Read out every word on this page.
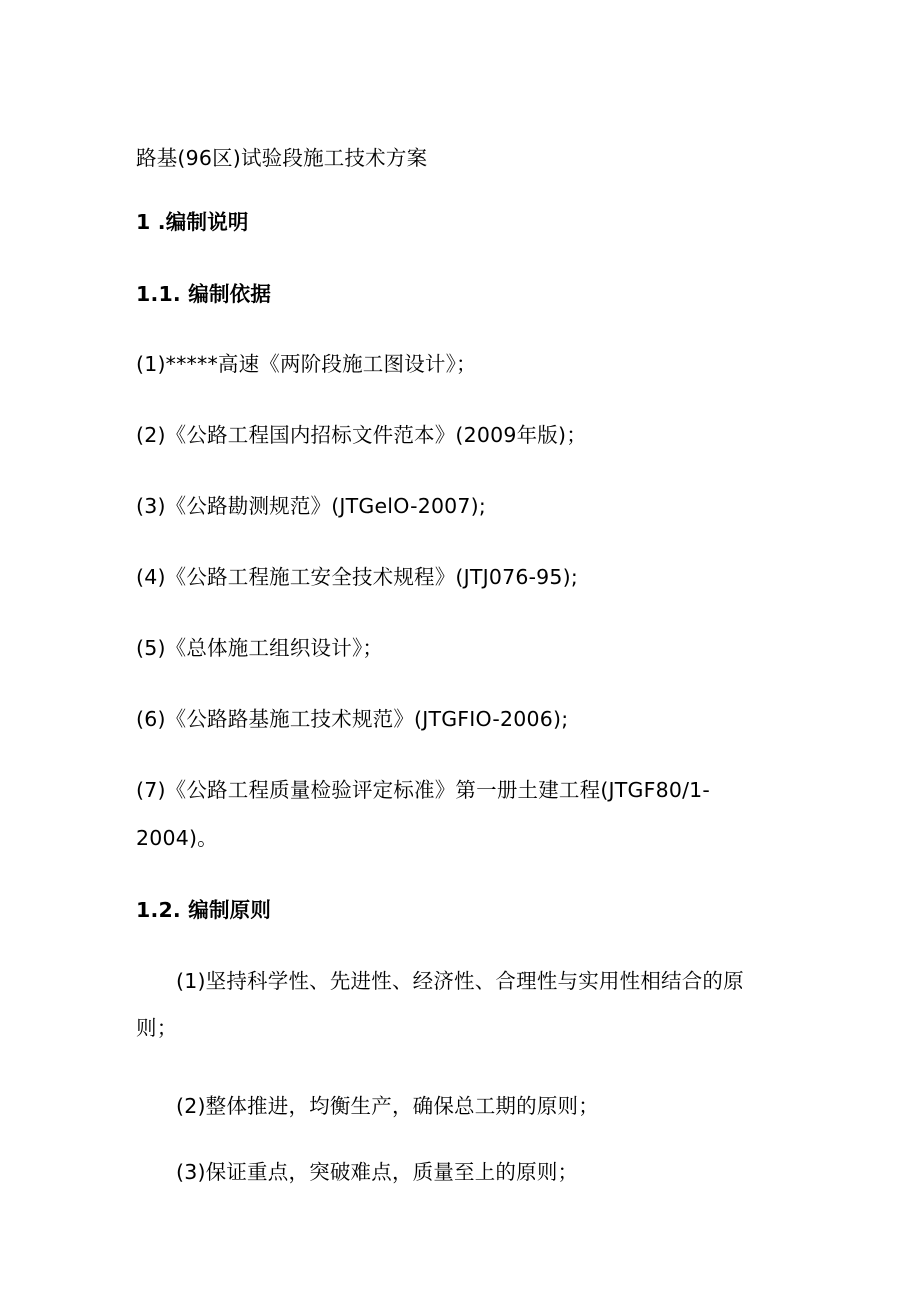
路基(96区)试验段施工技术方案
1 .编制说明
1.1. 编制依据
(1)*****高速《两阶段施工图设计》；
(2)《公路工程国内招标文件范本》(2009年版)；
(3)《公路勘测规范》(JTGelO-2007);
(4)《公路工程施工安全技术规程》(JTJ076-95);
(5)《总体施工组织设计》；
(6)《公路路基施工技术规范》(JTGFIO-2006);
(7)《公路工程质量检验评定标准》第一册土建工程(JTGF80/1-
2004)。
1.2. 编制原则
(1)坚持科学性、先进性、经济性、合理性与实用性相结合的原
则；
(2)整体推进，均衡生产，确保总工期的原则；
(3)保证重点，突破难点，质量至上的原则；
